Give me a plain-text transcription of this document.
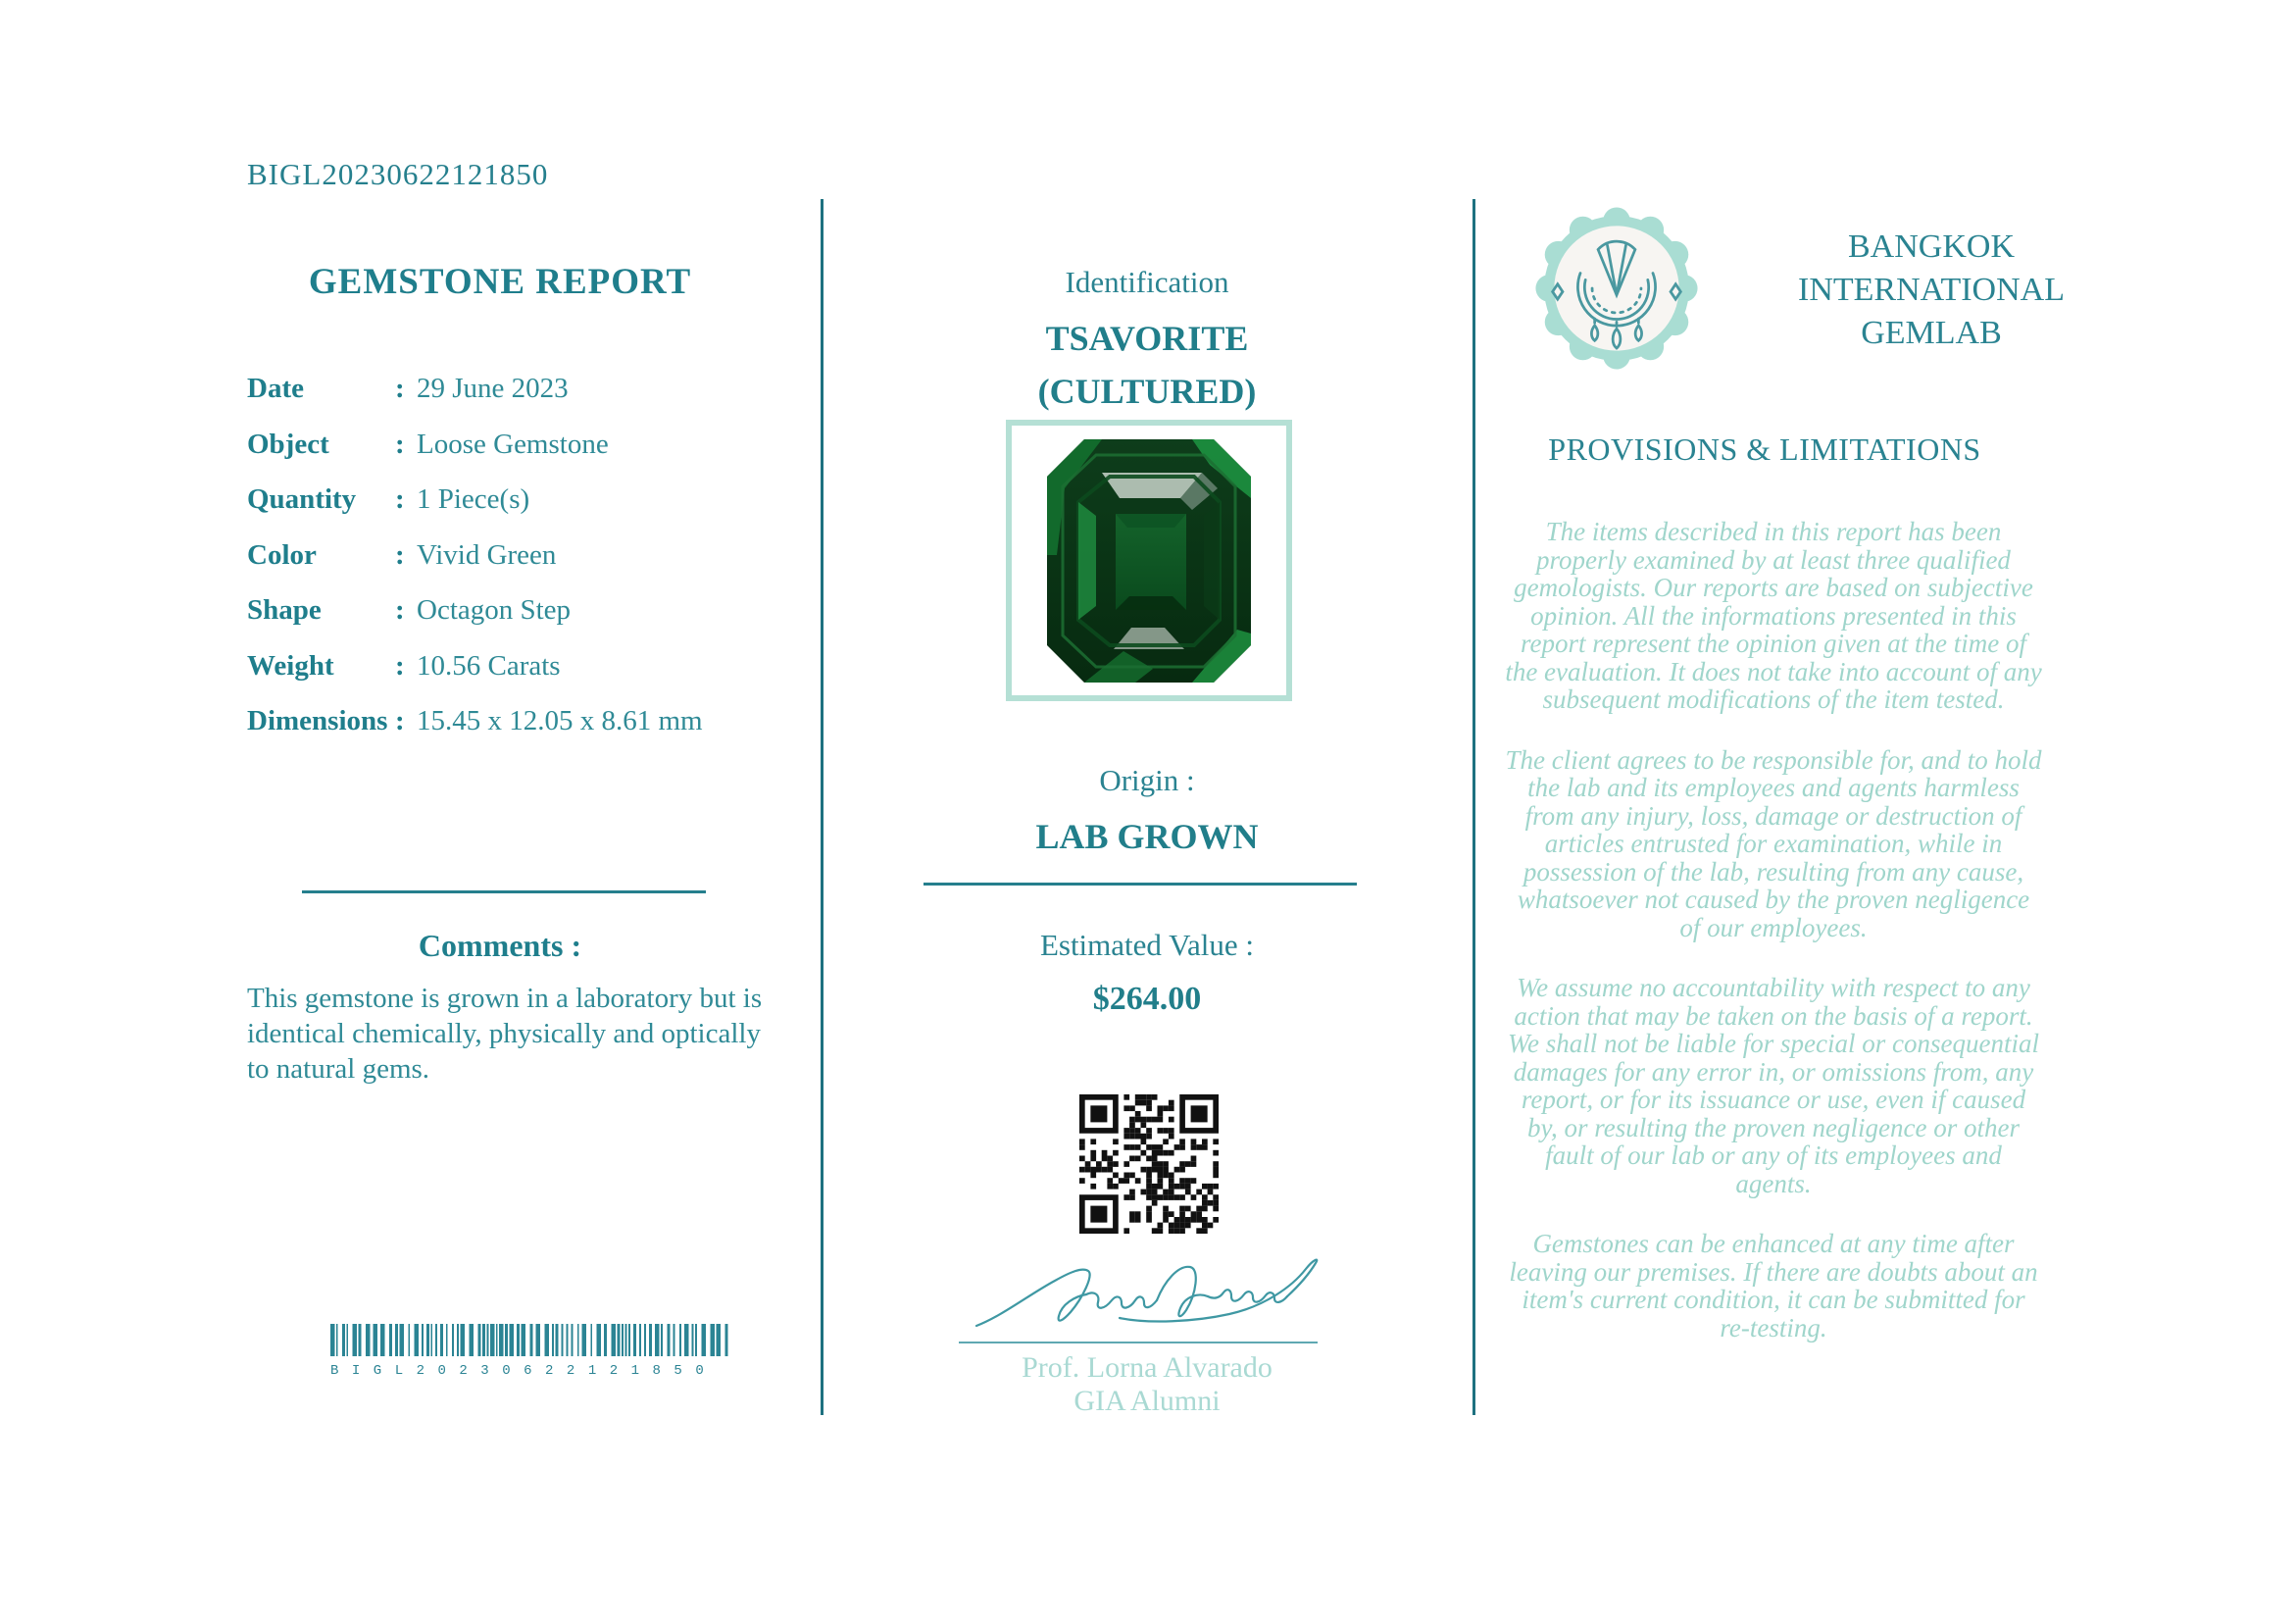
BIGL20230622121850
GEMSTONE REPORT
Date	: 29 June 2023
Object	: Loose Gemstone
Quantity	: 1 Piece(s)
Color	: Vivid Green
Shape	: Octagon Step
Weight	: 10.56 Carats
Dimensions : 15.45 x 12.05 x 8.61 mm
Comments :
This gemstone is grown in a laboratory but is identical chemically, physically and optically to natural gems.
BIGL20230622121850
Identification
TSAVORITE
(CULTURED)
Origin :
LAB GROWN
Estimated Value :
$264.00
Prof. Lorna Alvarado
GIA Alumni
BANGKOK
INTERNATIONAL
GEMLAB
PROVISIONS & LIMITATIONS

The items described in this report has been properly examined by at least three qualified gemologists. Our reports are based on subjective opinion. All the informations presented in this report represent the opinion given at the time of the evaluation. It does not take into account of any subsequent modifications of the item tested.

The client agrees to be responsible for, and to hold the lab and its employees and agents harmless from any injury, loss, damage or destruction of articles entrusted for examination, while in possession of the lab, resulting from any cause, whatsoever not caused by the proven negligence of our employees.

We assume no accountability with respect to any action that may be taken on the basis of a report. We shall not be liable for special or consequential damages for any error in, or omissions from, any report, or for its issuance or use, even if caused by, or resulting the proven negligence or other fault of our lab or any of its employees and agents.

Gemstones can be enhanced at any time after leaving our premises. If there are doubts about an item's current condition, it can be submitted for re-testing.
